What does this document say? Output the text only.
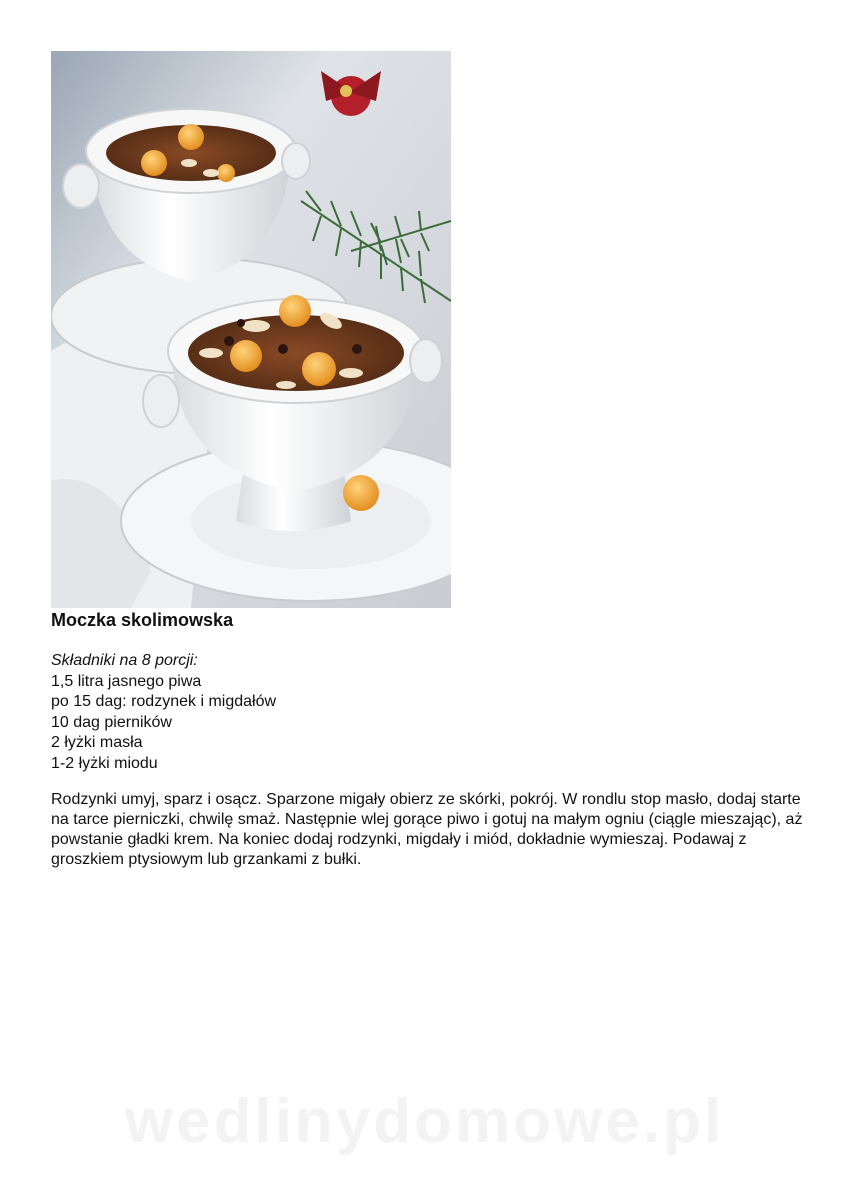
Moczka skolimowska
Składniki na 8 porcji:
1,5 litra jasnego piwa
po 15 dag: rodzynek i migdałów
10 dag pierników
2 łyżki masła
1-2 łyżki miodu

Rodzynki umyj, sparz i osącz. Sparzone migały obierz ze skórki, pokrój. W rondlu stop masło, dodaj starte na tarce pierniczki, chwilę smaż. Następnie wlej gorące piwo i gotuj na małym ogniu (ciągle mieszając), aż powstanie gładki krem. Na koniec dodaj rodzynki, migdały i miód, dokładnie wymieszaj. Podawaj z groszkiem ptysiowym lub grzankami z bułki.

wedlinydomowe.pl
